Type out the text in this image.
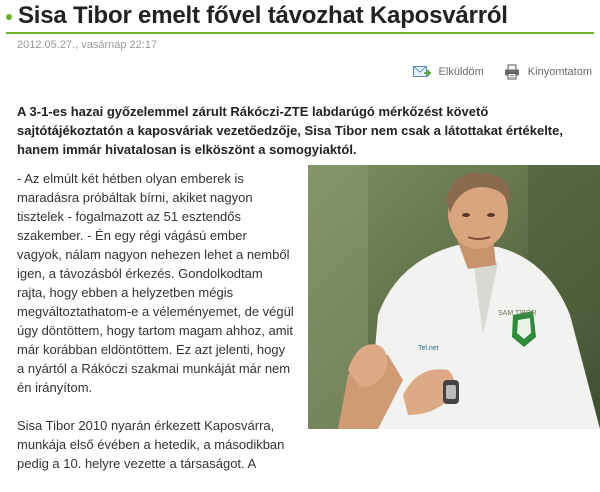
Sisa Tibor emelt fővel távozhat Kaposvárról
2012.05.27., vasárnap 22:17
Elküldöm	Kinyomtatom
A 3-1-es hazai győzelemmel zárult Rákóczi-ZTE labdarúgó mérkőzést követő sajtótájékoztatón a kaposváriak vezetőedzője, Sisa Tibor nem csak a látottakat értékelte, hanem immár hivatalosan is elköszönt a somogyiaktól.

- Az elmúlt két hétben olyan emberek is maradásra próbáltak bírni, akiket nagyon tisztelek - fogalmazott az 51 esztendős szakember. - Én egy régi vágású ember vagyok, nálam nagyon nehezen lehet a nemből igen, a távozásból érkezés. Gondolkodtam rajta, hogy ebben a helyzetben mégis megváltoztathatom-e a véleményemet, de végül úgy döntöttem, hogy tartom magam ahhoz, amit már korábban eldöntöttem. Ez azt jelenti, hogy a nyártól a Rákóczi szakmai munkáját már nem én irányítom.

Sisa Tibor 2010 nyarán érkezett Kaposvárra, munkája első évében a hetedik, a másodikban pedig a 10. helyre vezette a társaságot. A

SAM TIBOR
Tel.net
